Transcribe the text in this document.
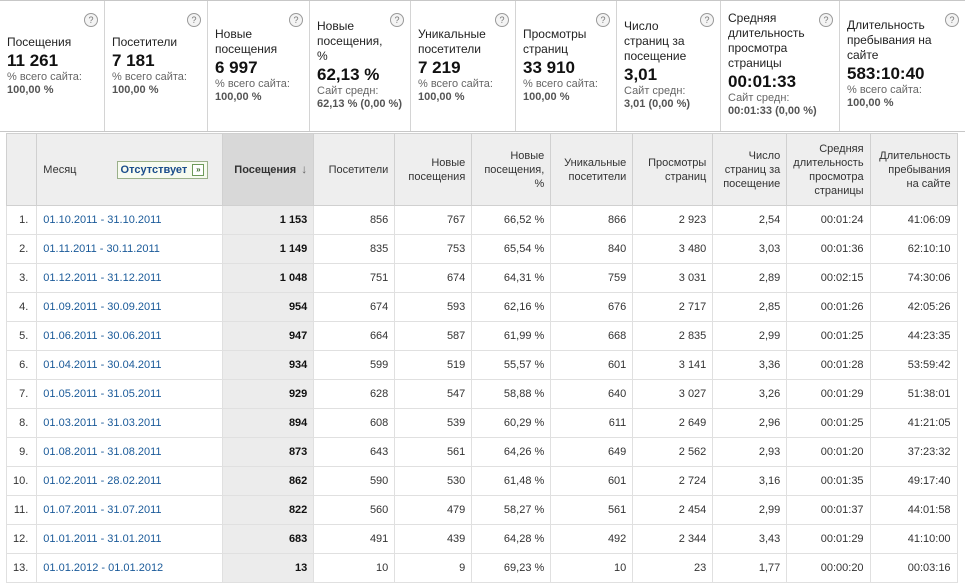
?
Посещения
11 261
% всего сайта:
100,00 %
?
Посетители
7 181
% всего сайта:
100,00 %
?
Новые посещения
6 997
% всего сайта:
100,00 %
?
Новые посещения, %
62,13 %
Сайт средн:
62,13 % (0,00 %)
?
Уникальные посетители
7 219
% всего сайта:
100,00 %
?
Просмотры страниц
33 910
% всего сайта:
100,00 %
?
Число страниц за посещение
3,01
Сайт средн:
3,01 (0,00 %)
?
Средняя длительность просмотра страницы
00:01:33
Сайт средн:
00:01:33 (0,00 %)
?
Длительность пребывания на сайте
583:10:40
% всего сайта:
100,00 %

	Месяц Отсутствует »	Посещения ↓	Посетители	Новые посещения	Новые посещения, %	Уникальные посетители	Просмотры страниц	Число страниц за посещение	Средняя длительность просмотра страницы	Длительность пребывания на сайте
1.	01.10.2011 - 31.10.2011	1 153	856	767	66,52 %	866	2 923	2,54	00:01:24	41:06:09
2.	01.11.2011 - 30.11.2011	1 149	835	753	65,54 %	840	3 480	3,03	00:01:36	62:10:10
3.	01.12.2011 - 31.12.2011	1 048	751	674	64,31 %	759	3 031	2,89	00:02:15	74:30:06
4.	01.09.2011 - 30.09.2011	954	674	593	62,16 %	676	2 717	2,85	00:01:26	42:05:26
5.	01.06.2011 - 30.06.2011	947	664	587	61,99 %	668	2 835	2,99	00:01:25	44:23:35
6.	01.04.2011 - 30.04.2011	934	599	519	55,57 %	601	3 141	3,36	00:01:28	53:59:42
7.	01.05.2011 - 31.05.2011	929	628	547	58,88 %	640	3 027	3,26	00:01:29	51:38:01
8.	01.03.2011 - 31.03.2011	894	608	539	60,29 %	611	2 649	2,96	00:01:25	41:21:05
9.	01.08.2011 - 31.08.2011	873	643	561	64,26 %	649	2 562	2,93	00:01:20	37:23:32
10.	01.02.2011 - 28.02.2011	862	590	530	61,48 %	601	2 724	3,16	00:01:35	49:17:40
11.	01.07.2011 - 31.07.2011	822	560	479	58,27 %	561	2 454	2,99	00:01:37	44:01:58
12.	01.01.2011 - 31.01.2011	683	491	439	64,28 %	492	2 344	3,43	00:01:29	41:10:00
13.	01.01.2012 - 01.01.2012	13	10	9	69,23 %	10	23	1,77	00:00:20	00:03:16
